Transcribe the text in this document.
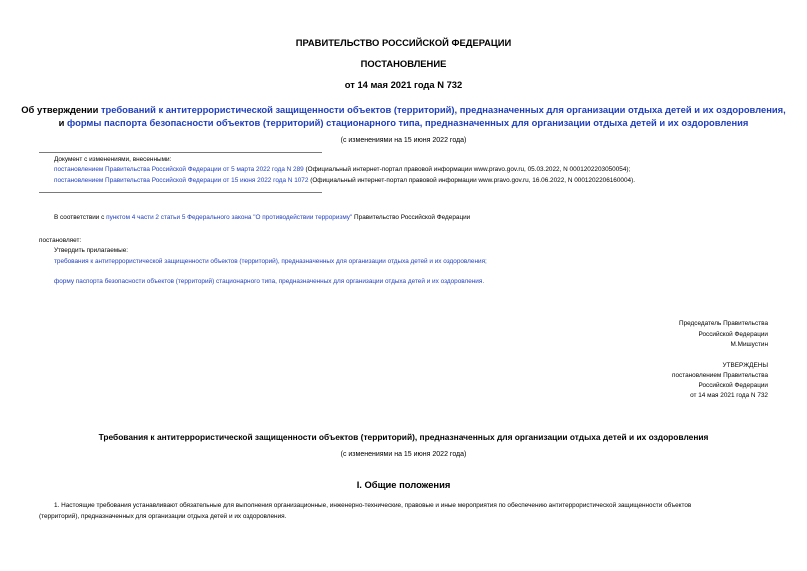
ПРАВИТЕЛЬСТВО РОССИЙСКОЙ ФЕДЕРАЦИИ
ПОСТАНОВЛЕНИЕ
от 14 мая 2021 года N 732
Об утверждении требований к антитеррористической защищенности объектов (территорий), предназначенных для организации отдыха детей и их оздоровления,
и формы паспорта безопасности объектов (территорий) стационарного типа, предназначенных для организации отдыха детей и их оздоровления
(с изменениями на 15 июня 2022 года)
Документ с изменениями, внесенными:
постановлением Правительства Российской Федерации от 5 марта 2022 года N 289 (Официальный интернет-портал правовой информации www.pravo.gov.ru, 05.03.2022, N 0001202203050054);
постановлением Правительства Российской Федерации от 15 июня 2022 года N 1072 (Официальный интернет-портал правовой информации www.pravo.gov.ru, 16.06.2022, N 0001202206160004).
В соответствии с пунктом 4 части 2 статьи 5 Федерального закона "О противодействии терроризму" Правительство Российской Федерации
постановляет:
Утвердить прилагаемые:
требования к антитеррористической защищенности объектов (территорий), предназначенных для организации отдыха детей и их оздоровления;
форму паспорта безопасности объектов (территорий) стационарного типа, предназначенных для организации отдыха детей и их оздоровления.
Председатель Правительства
Российской Федерации
М.Мишустин
УТВЕРЖДЕНЫ
постановлением Правительства
Российской Федерации
от 14 мая 2021 года N 732
Требования к антитеррористической защищенности объектов (территорий), предназначенных для организации отдыха детей и их оздоровления
(с изменениями на 15 июня 2022 года)
I. Общие положения
1. Настоящие требования устанавливают обязательные для выполнения организационные, инженерно-технические, правовые и иные мероприятия по обеспечению антитеррористической защищенности объектов
(территорий), предназначенных для организации отдыха детей и их оздоровления.
